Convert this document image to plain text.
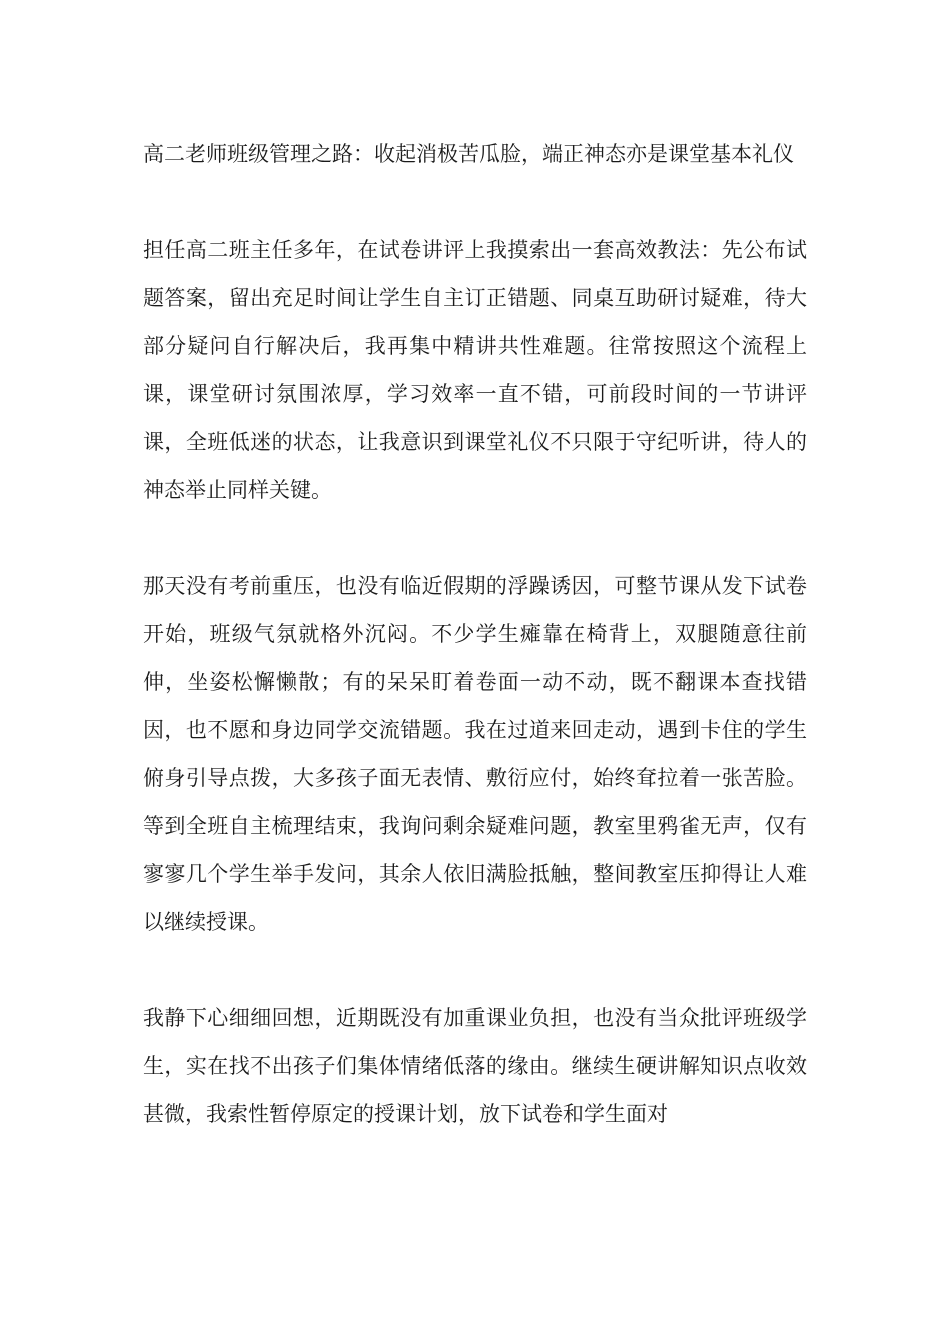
高二老师班级管理之路：收起消极苦瓜脸，端正神态亦是课堂基本礼仪

担任高二班主任多年，在试卷讲评上我摸索出一套高效教法：先公布试题答案，留出充足时间让学生自主订正错题、同桌互助研讨疑难，待大部分疑问自行解决后，我再集中精讲共性难题。往常按照这个流程上课，课堂研讨氛围浓厚，学习效率一直不错，可前段时间的一节讲评课，全班低迷的状态，让我意识到课堂礼仪不只限于守纪听讲，待人的神态举止同样关键。

那天没有考前重压，也没有临近假期的浮躁诱因，可整节课从发下试卷开始，班级气氛就格外沉闷。不少学生瘫靠在椅背上，双腿随意往前伸，坐姿松懈懒散；有的呆呆盯着卷面一动不动，既不翻课本查找错因，也不愿和身边同学交流错题。我在过道来回走动，遇到卡住的学生俯身引导点拨，大多孩子面无表情、敷衍应付，始终耷拉着一张苦脸。等到全班自主梳理结束，我询问剩余疑难问题，教室里鸦雀无声，仅有寥寥几个学生举手发问，其余人依旧满脸抵触，整间教室压抑得让人难以继续授课。

我静下心细细回想，近期既没有加重课业负担，也没有当众批评班级学生，实在找不出孩子们集体情绪低落的缘由。继续生硬讲解知识点收效甚微，我索性暂停原定的授课计划，放下试卷和学生面对
